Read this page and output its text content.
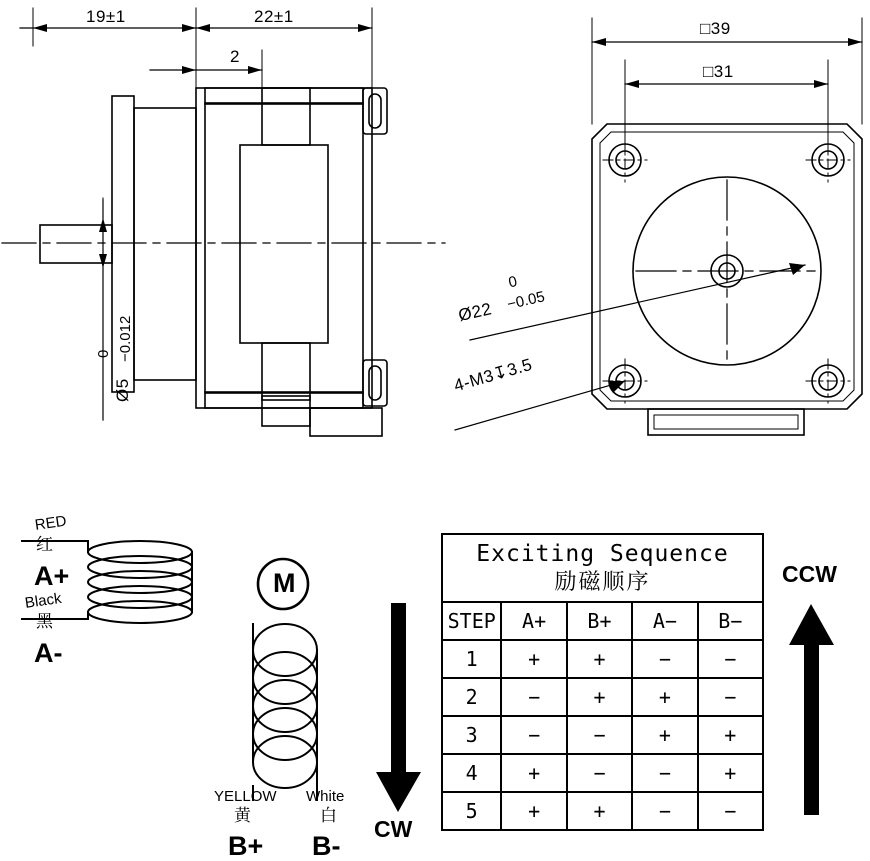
19±1	22±1
2
Ø5
0 −0.012
□39
□31
Ø22
0
−0.05
4-M3↧3.5
RED
红
A+
Black
黑
A-
YELLOW
黄
B+
White
白
B-
M
CW
CCW
Exciting Sequence
励磁顺序				

STEP	A+	B+	A−	B−
1	+	+	−	−
2	−	+	+	−
3	−	−	+	+
4	+	−	−	+
5	+	+	−	−
